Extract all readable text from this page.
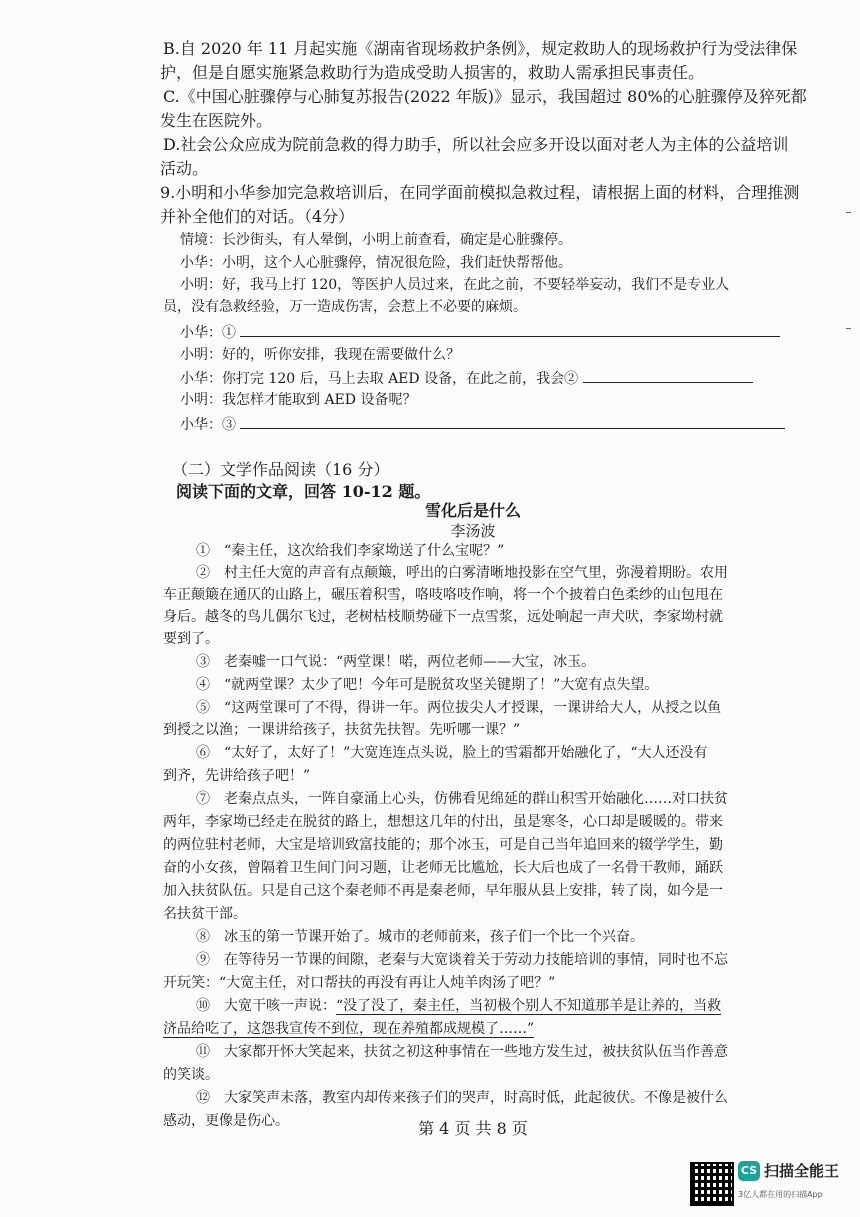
B.自 2020 年 11 月起实施《湖南省现场救护条例》，规定救助人的现场救护行为受法律保
护，但是自愿实施紧急救助行为造成受助人损害的，救助人需承担民事责任。
C.《中国心脏骤停与心肺复苏报告(2022 年版)》显示，我国超过 80%的心脏骤停及猝死都
发生在医院外。
D.社会公众应成为院前急救的得力助手，所以社会应多开设以面对老人为主体的公益培训
活动。
9.小明和小华参加完急救培训后，在同学面前模拟急救过程，请根据上面的材料，合理推测
并补全他们的对话。（4分）
情境：长沙街头，有人晕倒，小明上前查看，确定是心脏骤停。
小华：小明，这个人心脏骤停，情况很危险，我们赶快帮帮他。
小明：好，我马上打 120，等医护人员过来，在此之前，不要轻举妄动，我们不是专业人
员，没有急救经验，万一造成伤害，会惹上不必要的麻烦。
小华：①
小明：好的，听你安排，我现在需要做什么？
小华：你打完 120 后，马上去取 AED 设备，在此之前，我会②
小明：我怎样才能取到 AED 设备呢？
小华：③
（二）文学作品阅读（16 分）
阅读下面的文章，回答 10-12 题。
雪化后是什么
李汤波
①　“秦主任，这次给我们李家坳送了什么宝呢？”
②　村主任大宽的声音有点颠簸，呼出的白雾清晰地投影在空气里，弥漫着期盼。农用
车正颠簸在通仄的山路上，碾压着积雪，咯吱咯吱作响，将一个个披着白色柔纱的山包甩在
身后。越冬的鸟儿偶尔飞过，老树枯枝顺势碰下一点雪浆，远处响起一声犬吠，李家坳村就
要到了。
③　老秦嘘一口气说：“两堂课！喏，两位老师——大宝，冰玉。
④　“就两堂课？太少了吧！今年可是脱贫攻坚关键期了！”大宽有点失望。
⑤　“这两堂课可了不得，得讲一年。两位拔尖人才授课，一课讲给大人，从授之以鱼
到授之以渔；一课讲给孩子，扶贫先扶智。先听哪一课？”
⑥　“太好了，太好了！”大宽连连点头说，脸上的雪霜都开始融化了，“大人还没有
到齐，先讲给孩子吧！”
⑦　老秦点点头，一阵自豪涌上心头，仿佛看见绵延的群山积雪开始融化……对口扶贫
两年，李家坳已经走在脱贫的路上，想想这几年的付出，虽是寒冬，心口却是暖暖的。带来
的两位驻村老师，大宝是培训致富技能的；那个冰玉，可是自己当年追回来的辍学学生，勤
奋的小女孩，曾隔着卫生间门问习题，让老师无比尴尬，长大后也成了一名骨干教师，踊跃
加入扶贫队伍。只是自己这个秦老师不再是秦老师，早年服从县上安排，转了岗，如今是一
名扶贫干部。
⑧　冰玉的第一节课开始了。城市的老师前来，孩子们一个比一个兴奋。
⑨　在等待另一节课的间隙，老秦与大宽谈着关于劳动力技能培训的事情，同时也不忘
开玩笑：“大宽主任，对口帮扶的再没有再让人炖羊肉汤了吧？”
⑩　大宽干咳一声说：“没了没了，秦主任，当初极个别人不知道那羊是让养的，当救
济品给吃了，这怨我宣传不到位，现在养殖都成规模了……”
⑪　大家都开怀大笑起来，扶贫之初这种事情在一些地方发生过，被扶贫队伍当作善意
的笑谈。
⑫　大家笑声未落，教室内却传来孩子们的哭声，时高时低，此起彼伏。不像是被什么
感动，更像是伤心。	第 4 页 共 8 页
CS 扫描全能王
3亿人都在用的扫描App
